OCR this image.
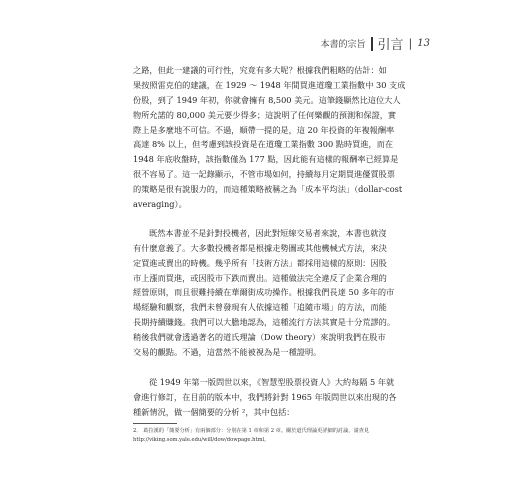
本書的宗旨 引言 | 13

之路，但此一建議的可行性，究竟有多大呢？根據我們粗略的估計：如
果按照雷克伯的建議，在 1929 ～ 1948 年間買進道瓊工業指數中 30 支成
份股，到了 1949 年初，你就會擁有 8,500 美元。這筆錢顯然比這位大人
物所允諾的 80,000 美元要少得多；這說明了任何樂觀的預測和保證，實
際上是多麼地不可信。不過，順帶一提的是，這 20 年投資的年複報酬率
高達 8% 以上，但考慮到該投資是在道瓊工業指數 300 點時買進，而在
1948 年底收盤時，該指數僅為 177 點，因此能有這樣的報酬率已經算是
很不容易了。這一記錄顯示，不管市場如何，持續每月定期買進優質股票
的策略是很有說服力的，而這種策略被稱之為「成本平均法」（dollar-cost
averaging）。

既然本書並不是針對投機者，因此對短線交易者來說，本書也就沒
有什麼意義了。大多數投機者都是根據走勢圖或其他機械式方法，來決
定買進或賣出的時機。幾乎所有「技術方法」都採用這樣的原則：因股
市上漲而買進，或因股市下跌而賣出。這種做法完全違反了企業合理的
經營原則，而且很難持續在華爾街成功操作。根據我們長達 50 多年的市
場經驗和觀察，我們未曾發現有人依據這種「追隨市場」的方法，而能
長期持續賺錢。我們可以大膽地認為，這種流行方法其實是十分荒謬的。
稍後我們就會透過著名的道氏理論（Dow theory）來說明我們在股市
交易的觀點。不過，這當然不能被視為是一種證明。

從 1949 年第一版問世以來，《智慧型股票投資人》大約每隔 5 年就
會進行修訂，在目前的版本中，我們將針對 1965 年版問世以來出現的各
種新情況，做一個簡要的分析 ²，其中包括：

2． 葛拉漢的「簡要分析」有兩個部分：分別在第 1 章和第 2 章。關於道氏理論更詳細的討論，請查見
http://viking.som.yale.edu/will/dow/dowpage.html。
